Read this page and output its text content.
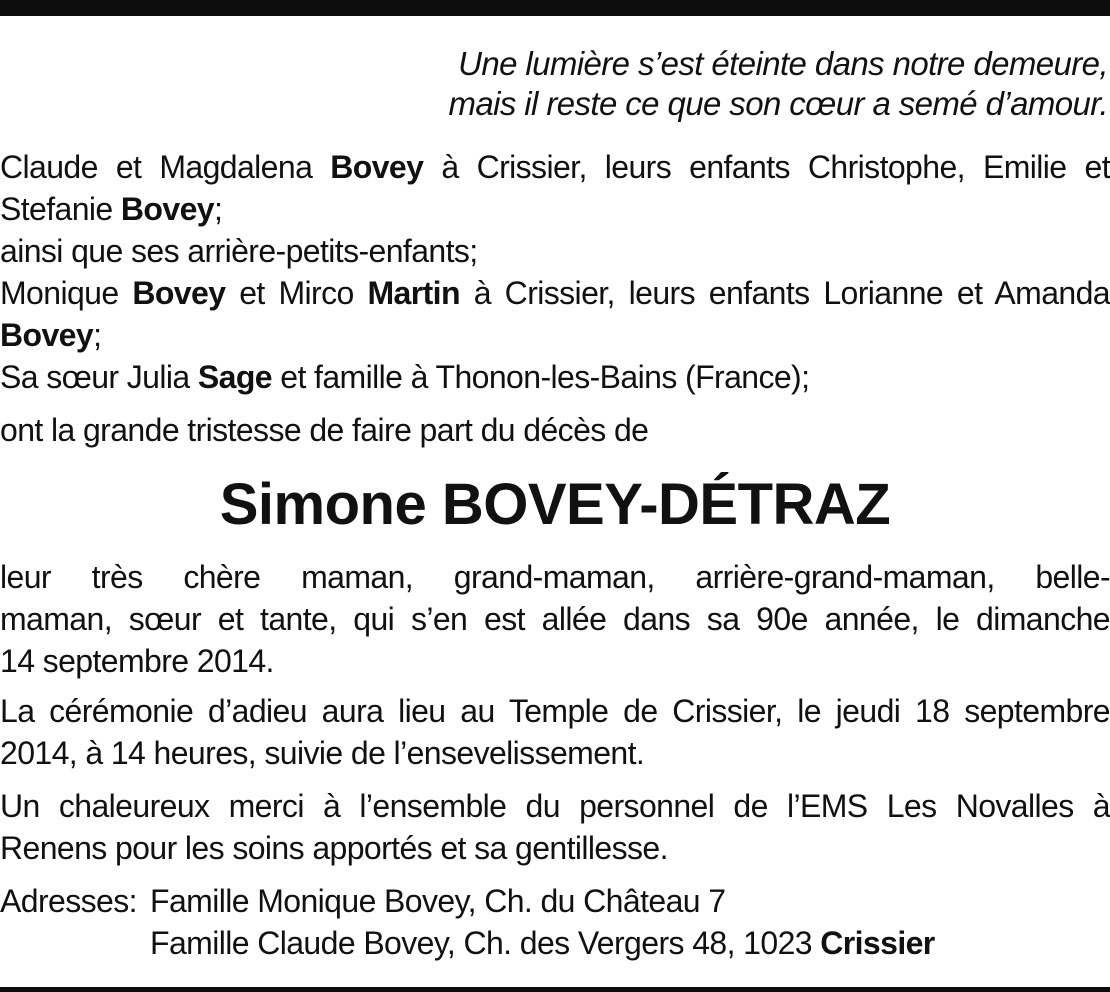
Une lumière s’est éteinte dans notre demeure,
mais il reste ce que son cœur a semé d’amour.
Claude et Magdalena Bovey à Crissier, leurs enfants Christophe, Emilie et
Stefanie Bovey;
ainsi que ses arrière-petits-enfants;
Monique Bovey et Mirco Martin à Crissier, leurs enfants Lorianne et Amanda
Bovey;
Sa sœur Julia Sage et famille à Thonon-les-Bains (France);
ont la grande tristesse de faire part du décès de
Simone BOVEY-DÉTRAZ
leur très chère maman, grand-maman, arrière-grand-maman, belle-
maman, sœur et tante, qui s’en est allée dans sa 90e année, le dimanche
14 septembre 2014.
La cérémonie d’adieu aura lieu au Temple de Crissier, le jeudi 18 septembre
2014, à 14 heures, suivie de l’ensevelissement.
Un chaleureux merci à l’ensemble du personnel de l’EMS Les Novalles à
Renens pour les soins apportés et sa gentillesse.
Adresses: Famille Monique Bovey, Ch. du Château 7
Famille Claude Bovey, Ch. des Vergers 48, 1023 Crissier
